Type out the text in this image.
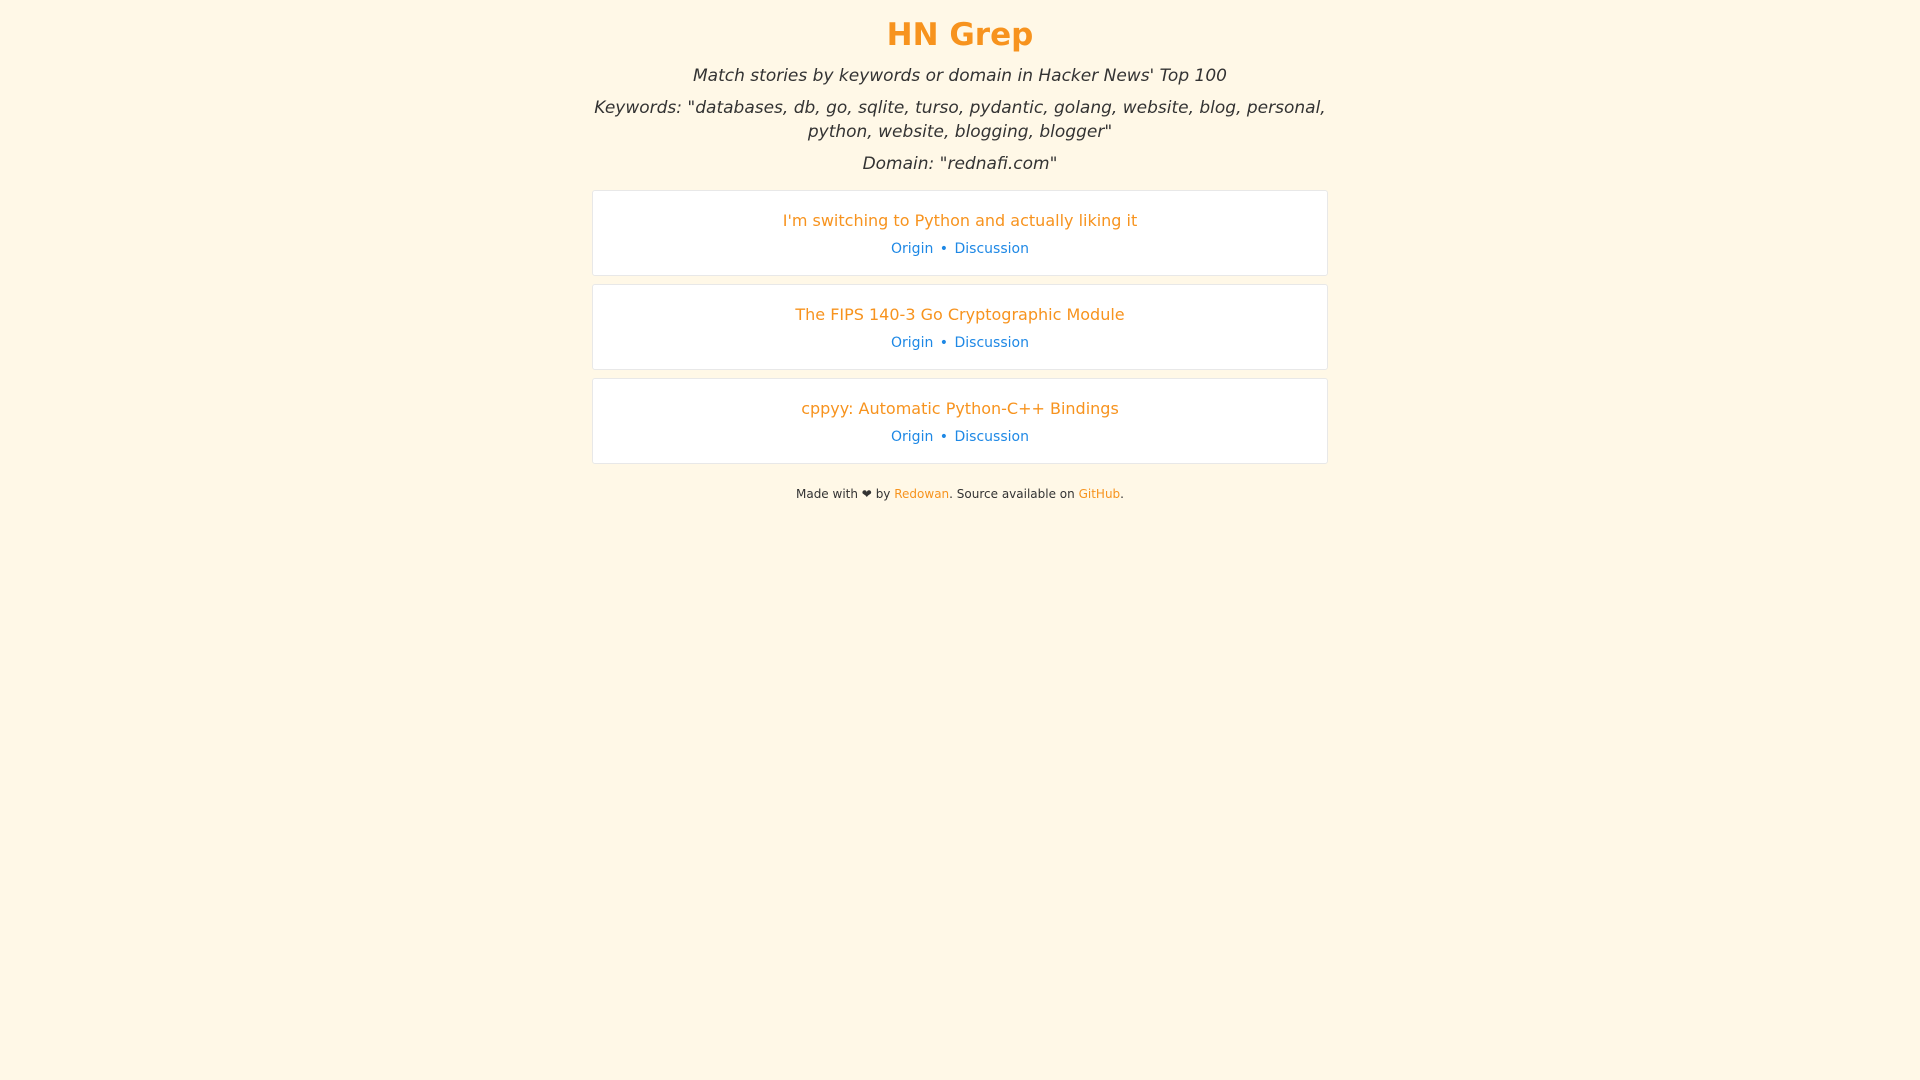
HN Grep

Match stories by keywords or domain in Hacker News' Top 100

Keywords: "databases, db, go, sqlite, turso, pydantic, golang, website, blog, personal, python, website, blogging, blogger"

Domain: "rednafi.com"

I'm switching to Python and actually liking it
Origin • Discussion
The FIPS 140-3 Go Cryptographic Module
Origin • Discussion
cppyy: Automatic Python-C++ Bindings
Origin • Discussion
Made with ❤ by Redowan. Source available on GitHub.
